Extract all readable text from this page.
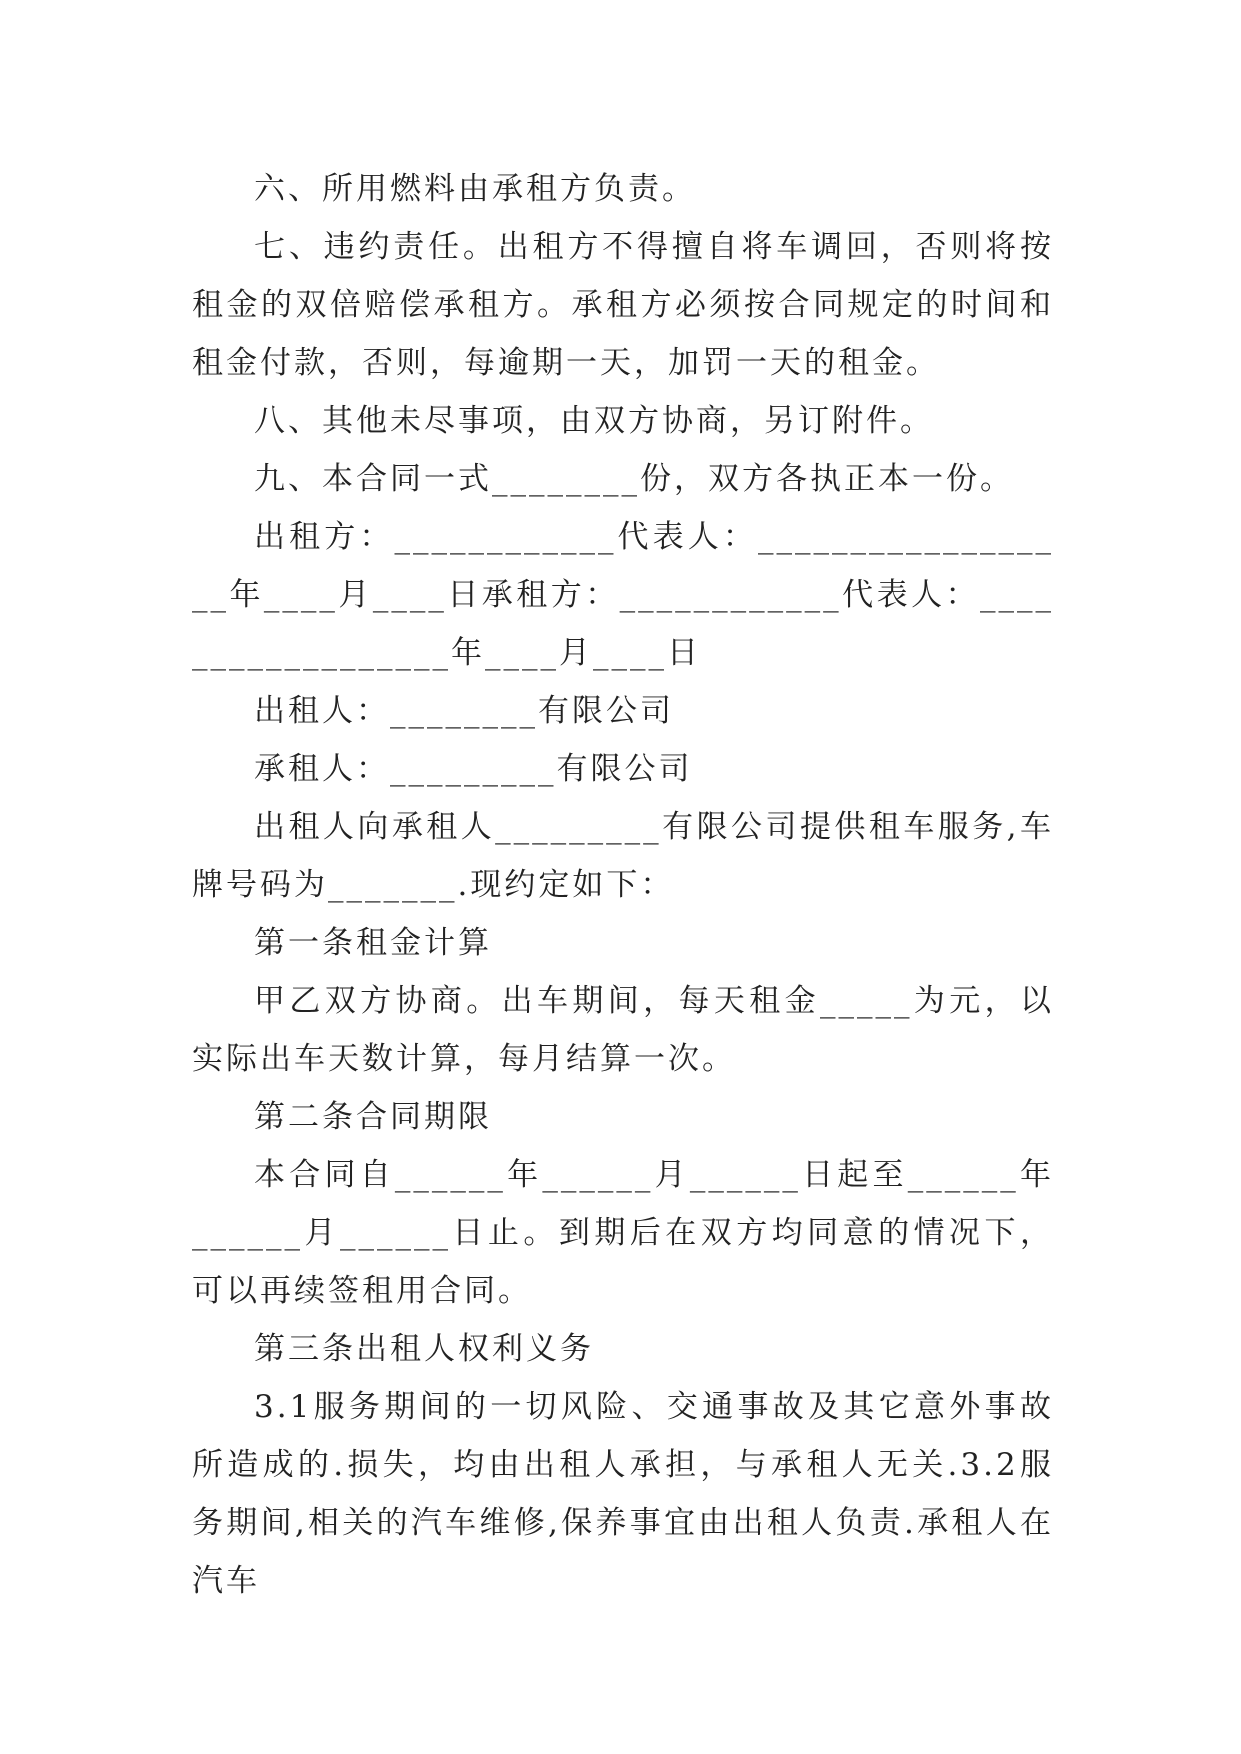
六、所用燃料由承租方负责。

七、违约责任。出租方不得擅自将车调回，否则将按租金的双倍赔偿承租方。承租方必须按合同规定的时间和租金付款，否则，每逾期一天，加罚一天的租金。

八、其他未尽事项，由双方协商，另订附件。

九、本合同一式________份，双方各执正本一份。

出租方：____________代表人：__________________年____月____日承租方：____________代表人：__________________年____月____日

出租人：________有限公司

承租人：_________有限公司

出租人向承租人_________有限公司提供租车服务,车牌号码为_______.现约定如下：

第一条租金计算

甲乙双方协商。出车期间，每天租金_____为元，以实际出车天数计算，每月结算一次。

第二条合同期限

本合同自______年______月______日起至______年______月______日止。到期后在双方均同意的情况下，可以再续签租用合同。

第三条出租人权利义务

3.1服务期间的一切风险、交通事故及其它意外事故所造成的.损失，均由出租人承担，与承租人无关.3.2服务期间,相关的汽车维修,保养事宜由出租人负责.承租人在汽车
